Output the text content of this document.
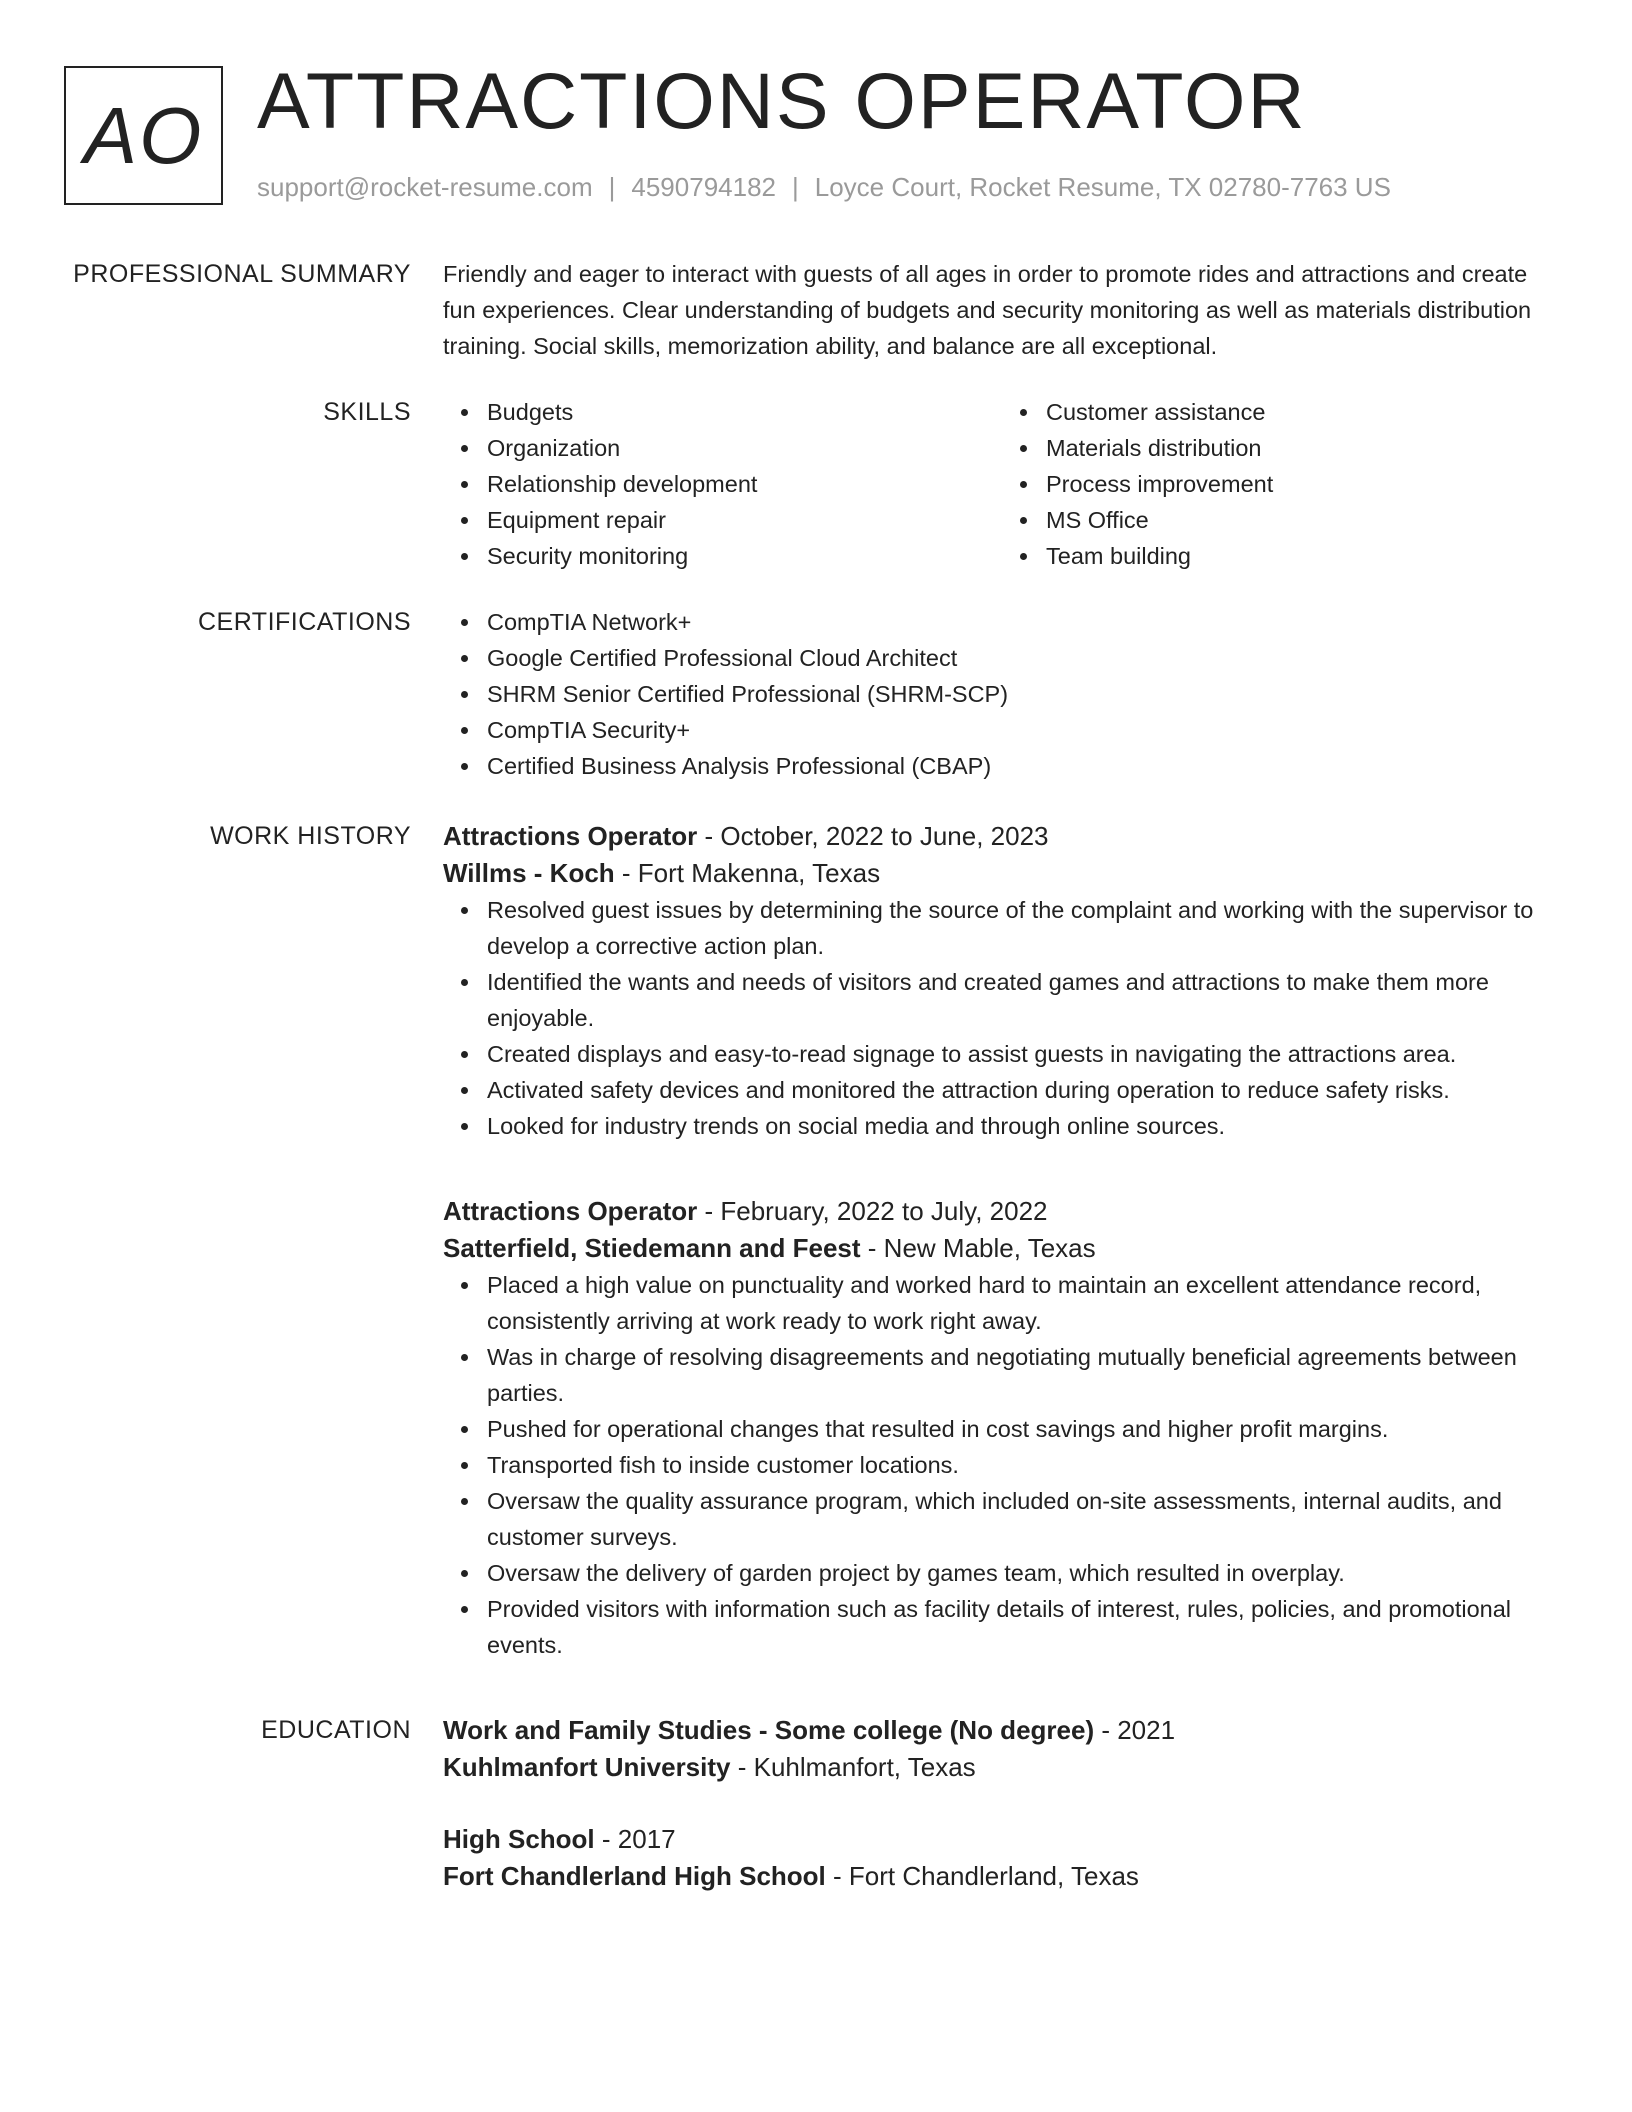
AO ATTRACTIONS OPERATOR
support@rocket-resume.com | 4590794182 | Loyce Court, Rocket Resume, TX 02780-7763 US
PROFESSIONAL SUMMARY Friendly and eager to interact with guests of all ages in order to promote rides and attractions and create fun experiences. Clear understanding of budgets and security monitoring as well as materials distribution training. Social skills, memorization ability, and balance are all exceptional.

SKILLS	Budgets
Organization
Relationship development
Equipment repair
Security monitoring
Customer assistance
Materials distribution
Process improvement
MS Office
Team building
CERTIFICATIONS	CompTIA Network+
Google Certified Professional Cloud Architect
SHRM Senior Certified Professional (SHRM-SCP)
CompTIA Security+
Certified Business Analysis Professional (CBAP)
WORK HISTORY Attractions Operator - October, 2022 to June, 2023
Willms - Koch - Fort Makenna, Texas
Resolved guest issues by determining the source of the complaint and working with the supervisor to develop a corrective action plan.
Identified the wants and needs of visitors and created games and attractions to make them more enjoyable.
Created displays and easy-to-read signage to assist guests in navigating the attractions area.
Activated safety devices and monitored the attraction during operation to reduce safety risks.
Looked for industry trends on social media and through online sources.
Attractions Operator - February, 2022 to July, 2022
Satterfield, Stiedemann and Feest - New Mable, Texas
Placed a high value on punctuality and worked hard to maintain an excellent attendance record, consistently arriving at work ready to work right away.
Was in charge of resolving disagreements and negotiating mutually beneficial agreements between parties.
Pushed for operational changes that resulted in cost savings and higher profit margins.
Transported fish to inside customer locations.
Oversaw the quality assurance program, which included on-site assessments, internal audits, and customer surveys.
Oversaw the delivery of garden project by games team, which resulted in overplay.
Provided visitors with information such as facility details of interest, rules, policies, and promotional events.
EDUCATION Work and Family Studies - Some college (No degree) - 2021
Kuhlmanfort University - Kuhlmanfort, Texas
High School - 2017
Fort Chandlerland High School - Fort Chandlerland, Texas
